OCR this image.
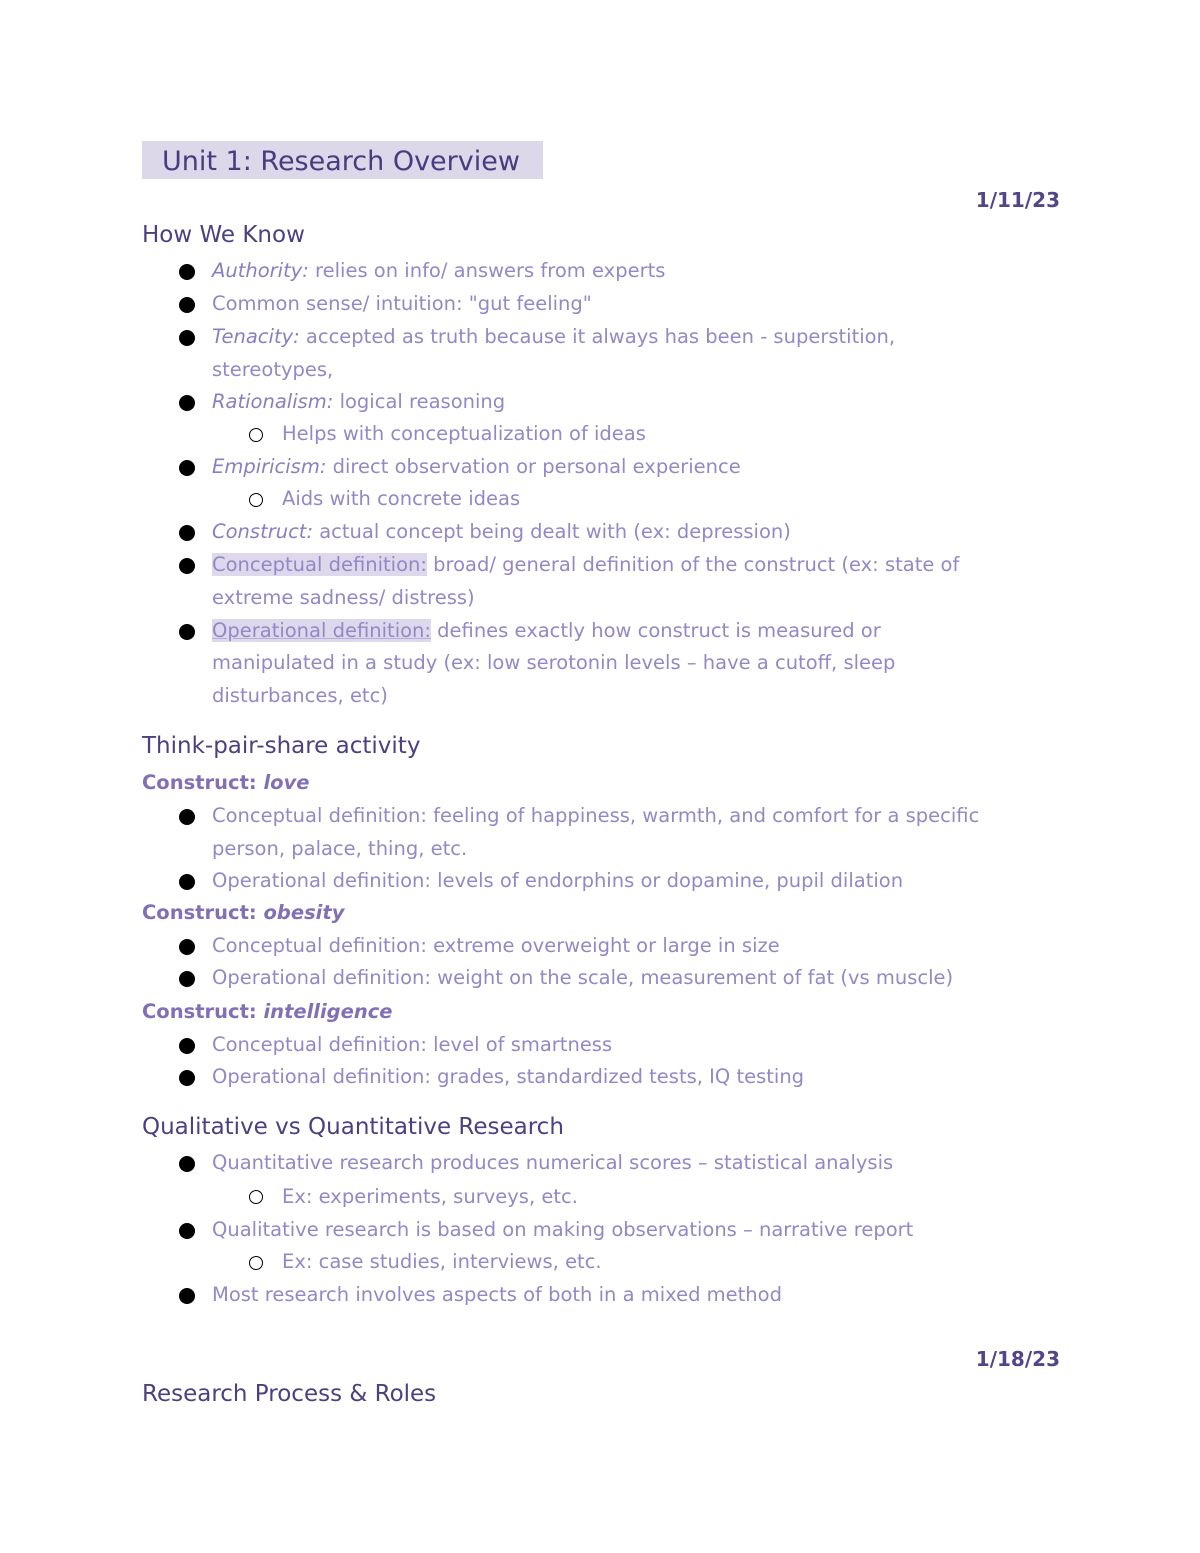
Unit 1: Research Overview
1/11/23
How We Know
Authority: relies on info/ answers from experts
Common sense/ intuition: "gut feeling"
Tenacity: accepted as truth because it always has been - superstition,
stereotypes,
Rationalism: logical reasoning
Helps with conceptualization of ideas
Empiricism: direct observation or personal experience
Aids with concrete ideas
Construct: actual concept being dealt with (ex: depression)
Conceptual definition: broad/ general definition of the construct (ex: state of
extreme sadness/ distress)
Operational definition: defines exactly how construct is measured or
manipulated in a study (ex: low serotonin levels – have a cutoff, sleep
disturbances, etc)
Think-pair-share activity
Construct: love
Conceptual definition: feeling of happiness, warmth, and comfort for a specific
person, palace, thing, etc.
Operational definition: levels of endorphins or dopamine, pupil dilation
Construct: obesity
Conceptual definition: extreme overweight or large in size
Operational definition: weight on the scale, measurement of fat (vs muscle)
Construct: intelligence
Conceptual definition: level of smartness
Operational definition: grades, standardized tests, IQ testing
Qualitative vs Quantitative Research
Quantitative research produces numerical scores – statistical analysis
Ex: experiments, surveys, etc.
Qualitative research is based on making observations – narrative report
Ex: case studies, interviews, etc.
Most research involves aspects of both in a mixed method
1/18/23
Research Process & Roles
